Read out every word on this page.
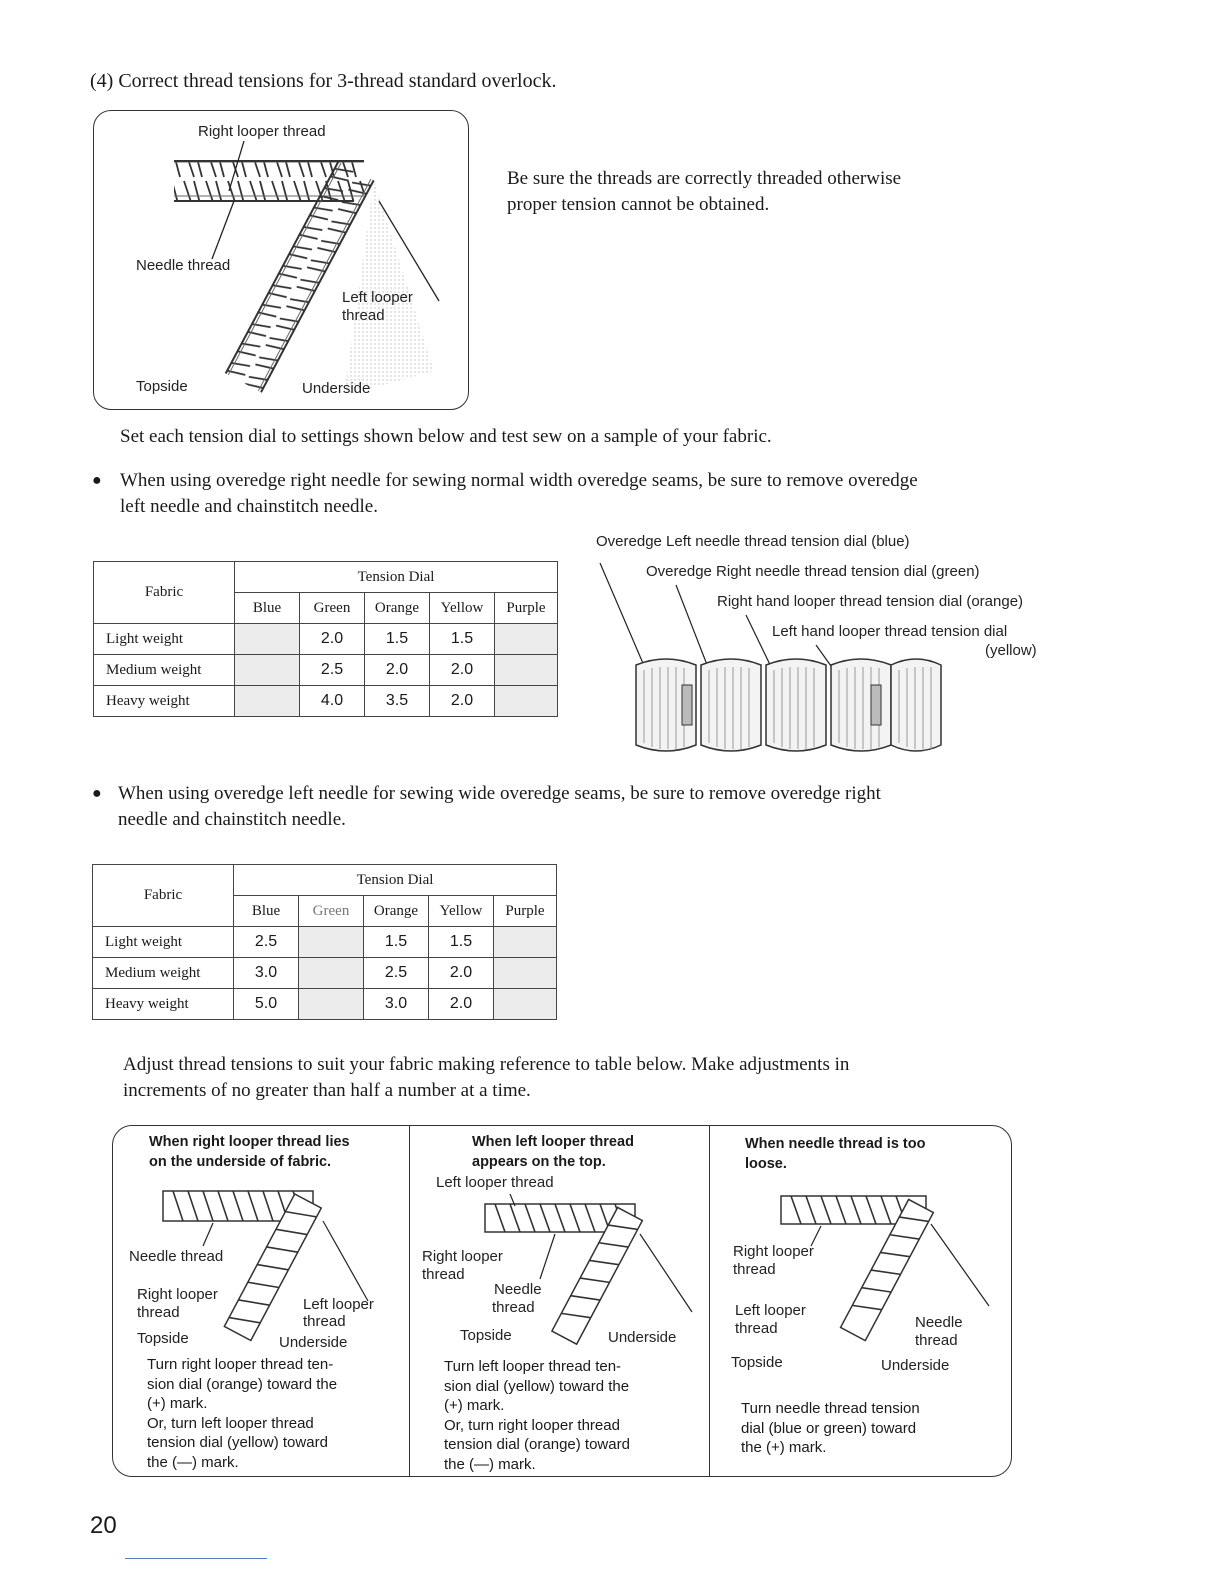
(4) Correct thread tensions for 3-thread standard overlock.
Right looper thread
Needle thread
Left looper
thread
Topside	Underside
Be sure the threads are correctly threaded otherwise
proper tension cannot be obtained.
Set each tension dial to settings shown below and test sew on a sample of your fabric.
● When using overedge right needle for sewing normal width overedge seams, be sure to remove overedge
left needle and chainstitch needle.
Fabric	Tension Dial				
	Blue	Green	Orange	Yellow	Purple
Light weight		2.0	1.5	1.5	
Medium weight		2.5	2.0	2.0	
Heavy weight		4.0	3.5	2.0	
Overedge Left needle thread tension dial (blue)
Overedge Right needle thread tension dial (green)
Right hand looper thread tension dial (orange)
Left hand looper thread tension dial
(yellow)
● When using overedge left needle for sewing wide overedge seams, be sure to remove overedge right
needle and chainstitch needle.
Fabric	Tension Dial				
	Blue	Green	Orange	Yellow	Purple
Light weight	2.5		1.5	1.5	
Medium weight	3.0		2.5	2.0	
Heavy weight	5.0		3.0	2.0	
Adjust thread tensions to suit your fabric making reference to table below. Make adjustments in
increments of no greater than half a number at a time.
When right looper thread lies
on the underside of fabric.
Needle thread
Right looper
thread	Left looper
thread
Topside	Underside
Turn right looper thread ten-
sion dial (orange) toward the
(+) mark.
Or, turn left looper thread
tension dial (yellow) toward
the (—) mark.
When left looper thread
appears on the top.
Left looper thread
Right looper
thread
Needle
thread
Topside	Underside
Turn left looper thread ten-
sion dial (yellow) toward the
(+) mark.
Or, turn right looper thread
tension dial (orange) toward
the (—) mark.
When needle thread is too
loose.
Right looper
thread
Left looper
thread	Needle
thread
Topside	Underside
Turn needle thread tension
dial (blue or green) toward
the (+) mark.
20
